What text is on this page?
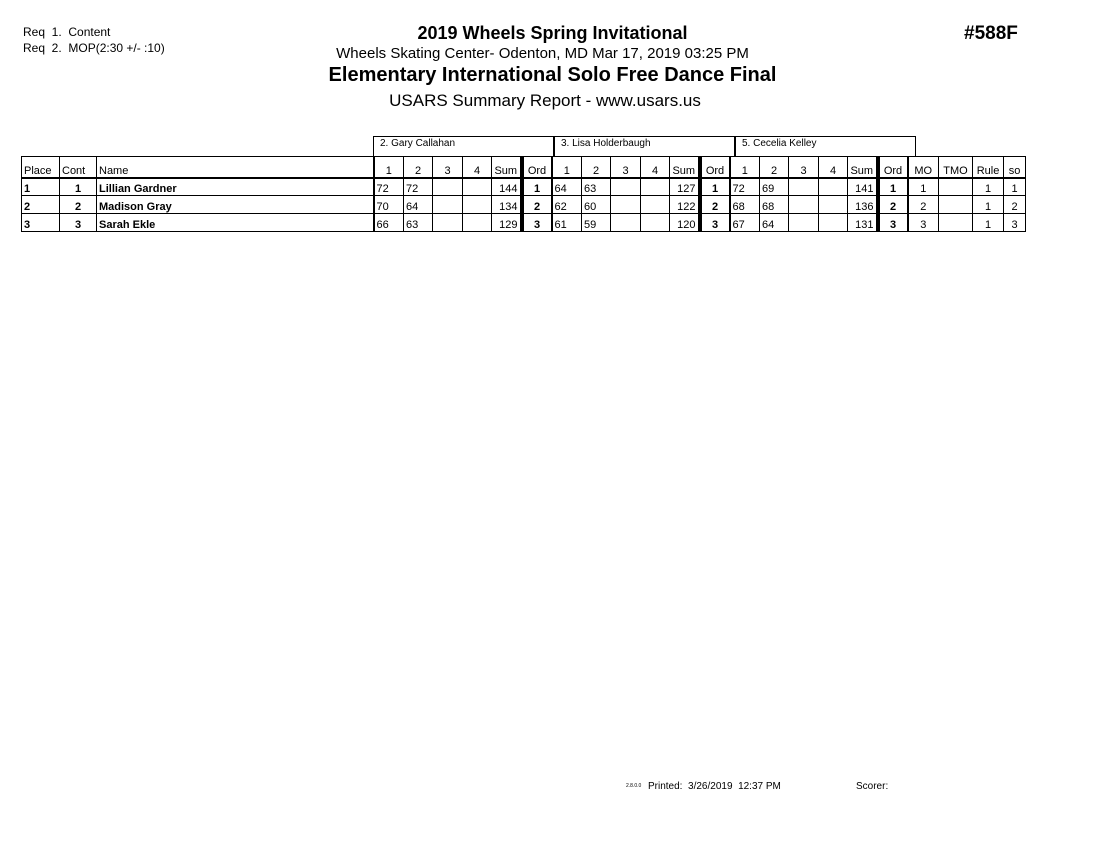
Req  1.  Content
Req  2.  MOP(2:30 +/- :10)
2019 Wheels Spring Invitational
Wheels Skating Center- Odenton, MD Mar 17, 2019 03:25 PM
Elementary International Solo Free Dance Final
USARS Summary Report - www.usars.us
#588F
2. Gary Callahan	3. Lisa Holderbaugh	5. Cecelia Kelley
Place	Cont	Name	1	2	3	4	Sum	Ord	1	2	3	4	Sum	Ord	1	2	3	4	Sum	Ord	MO	TMO	Rule	so
1	1	Lillian Gardner	72	72			144	1	64	63			127	1	72	69			141	1	1		1	1
2	2	Madison Gray	70	64			134	2	62	60			122	2	68	68			136	2	2		1	2
3	3	Sarah Ekle	66	63			129	3	61	59			120	3	67	64			131	3	3		1	3
2.8.0.0 Printed:  3/26/2019  12:37 PM	Scorer:
